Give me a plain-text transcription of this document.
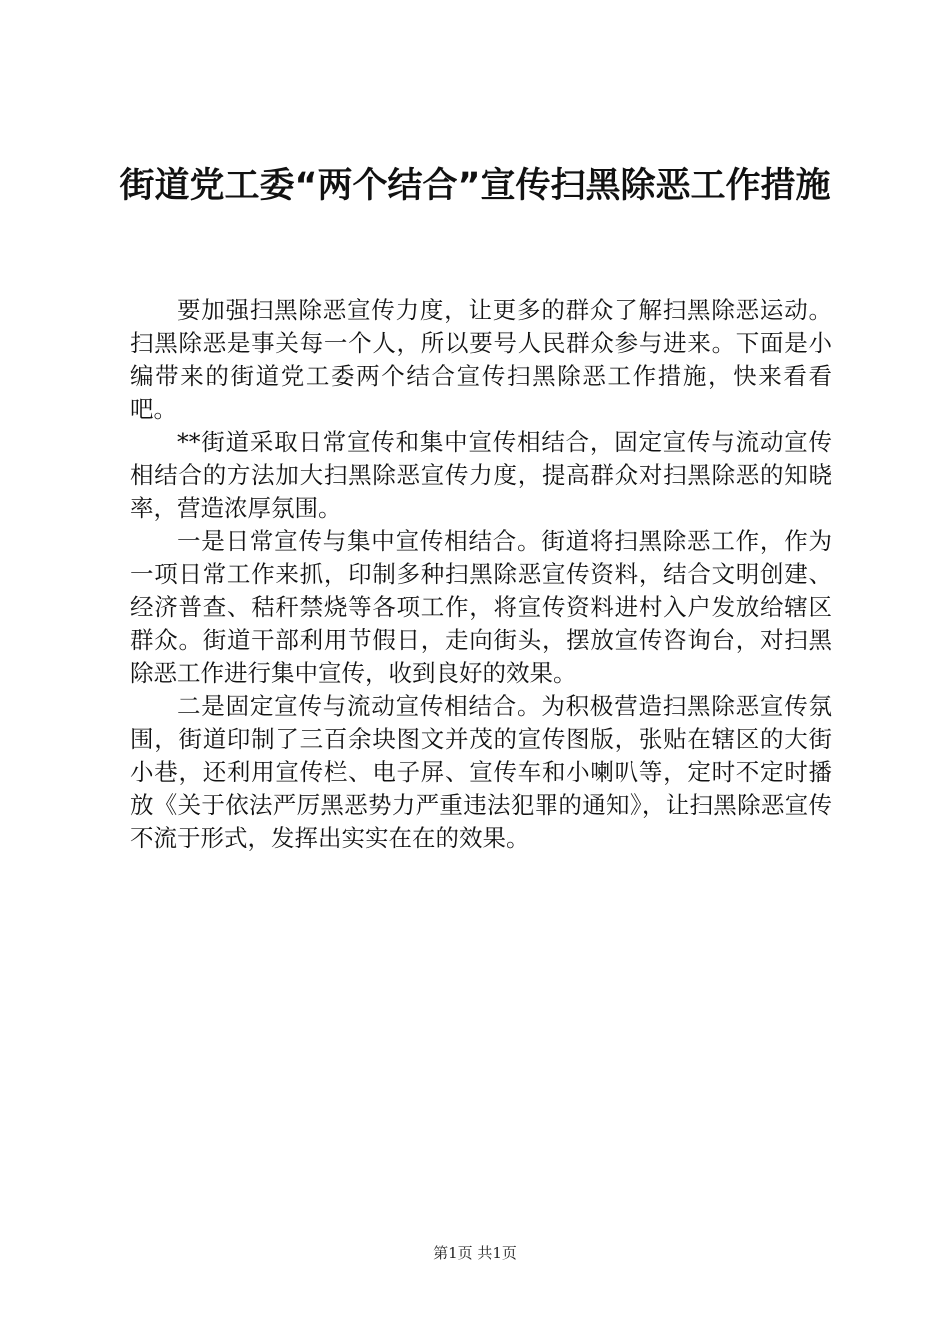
街道党工委“两个结合”宣传扫黑除恶工作措施

要加强扫黑除恶宣传力度，让更多的群众了解扫黑除恶运动。扫黑除恶是事关每一个人，所以要号人民群众参与进来。下面是小编带来的街道党工委两个结合宣传扫黑除恶工作措施，快来看看吧。

**街道采取日常宣传和集中宣传相结合，固定宣传与流动宣传相结合的方法加大扫黑除恶宣传力度，提高群众对扫黑除恶的知晓率，营造浓厚氛围。

一是日常宣传与集中宣传相结合。街道将扫黑除恶工作，作为一项日常工作来抓，印制多种扫黑除恶宣传资料，结合文明创建、经济普查、秸秆禁烧等各项工作，将宣传资料进村入户发放给辖区群众。街道干部利用节假日，走向街头，摆放宣传咨询台，对扫黑除恶工作进行集中宣传，收到良好的效果。

二是固定宣传与流动宣传相结合。为积极营造扫黑除恶宣传氛围，街道印制了三百余块图文并茂的宣传图版，张贴在辖区的大街小巷，还利用宣传栏、电子屏、宣传车和小喇叭等，定时不定时播放《关于依法严厉黑恶势力严重违法犯罪的通知》，让扫黑除恶宣传不流于形式，发挥出实实在在的效果。

第1页 共1页
